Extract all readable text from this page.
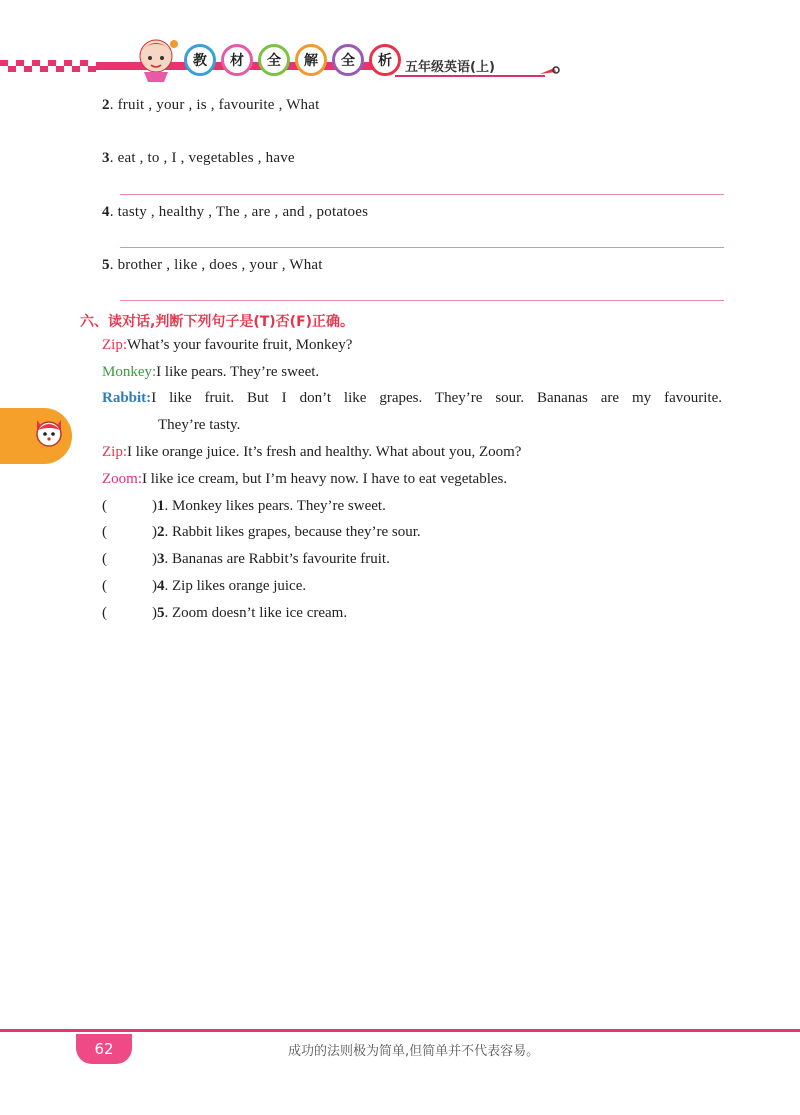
教	材	全	解	全	析	五年级英语(上)
2. fruit , your , is , favourite , What
3. eat , to , I , vegetables , have
4. tasty , healthy , The , are , and , potatoes
5. brother , like , does , your , What
六、读对话,判断下列句子是(T)否(F)正确。
Zip:What’s your favourite fruit, Monkey?
Monkey:I like pears. They’re sweet.
Rabbit:I like fruit. But I don’t like grapes. They’re sour. Bananas are my favourite.
They’re tasty.
Zip:I like orange juice. It’s fresh and healthy. What about you, Zoom?
Zoom:I like ice cream, but I’m heavy now. I have to eat vegetables.
(	)1. Monkey likes pears. They’re sweet.
(	)2. Rabbit likes grapes, because they’re sour.
(	)3. Bananas are Rabbit’s favourite fruit.
(	)4. Zip likes orange juice.
(	)5. Zoom doesn’t like ice cream.
62	成功的法则极为简单,但简单并不代表容易。
